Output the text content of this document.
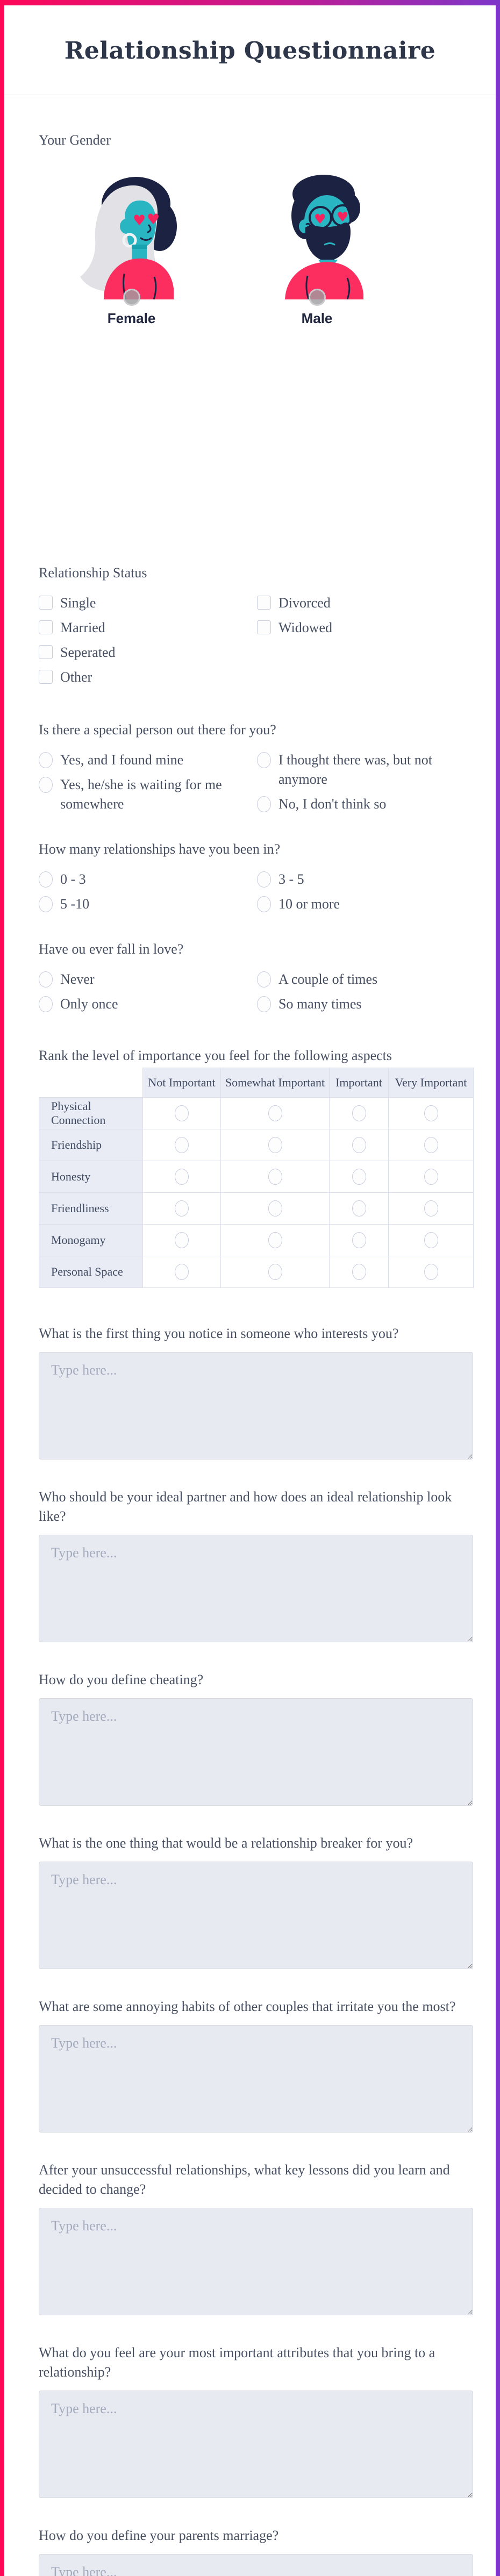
Relationship Questionnaire
Your Gender
♥ ♥
Female
♥ ♥
Male
Relationship Status
Single
Married
Seperated
Other
Divorced
Widowed
Is there a special person out there for you?
Yes, and I found mine
Yes, he/she is waiting for me somewhere
I thought there was, but not anymore
No, I don't think so
How many relationships have you been in?
0 - 3
5 -10
3 - 5
10 or more
Have ou ever fall in love?
Never
Only once
A couple of times
So many times
Rank the level of importance you feel for the following aspects
	Not Important	Somewhat Important	Important	Very Important
Physical Connection	

Friendship	

Honesty	

Friendliness	

Monogamy	

Personal Space	

What is the first thing you notice in someone who interests you?
Type here...
Who should be your ideal partner and how does an ideal relationship look like?
Type here...
How do you define cheating?
Type here...
What is the one thing that would be a relationship breaker for you?
Type here...
What are some annoying habits of other couples that irritate you the most?
Type here...
After your unsuccessful relationships, what key lessons did you learn and decided to change?
Type here...
What do you feel are your most important attributes that you bring to a relationship?
Type here...
How do you define your parents marriage?
Type here...
